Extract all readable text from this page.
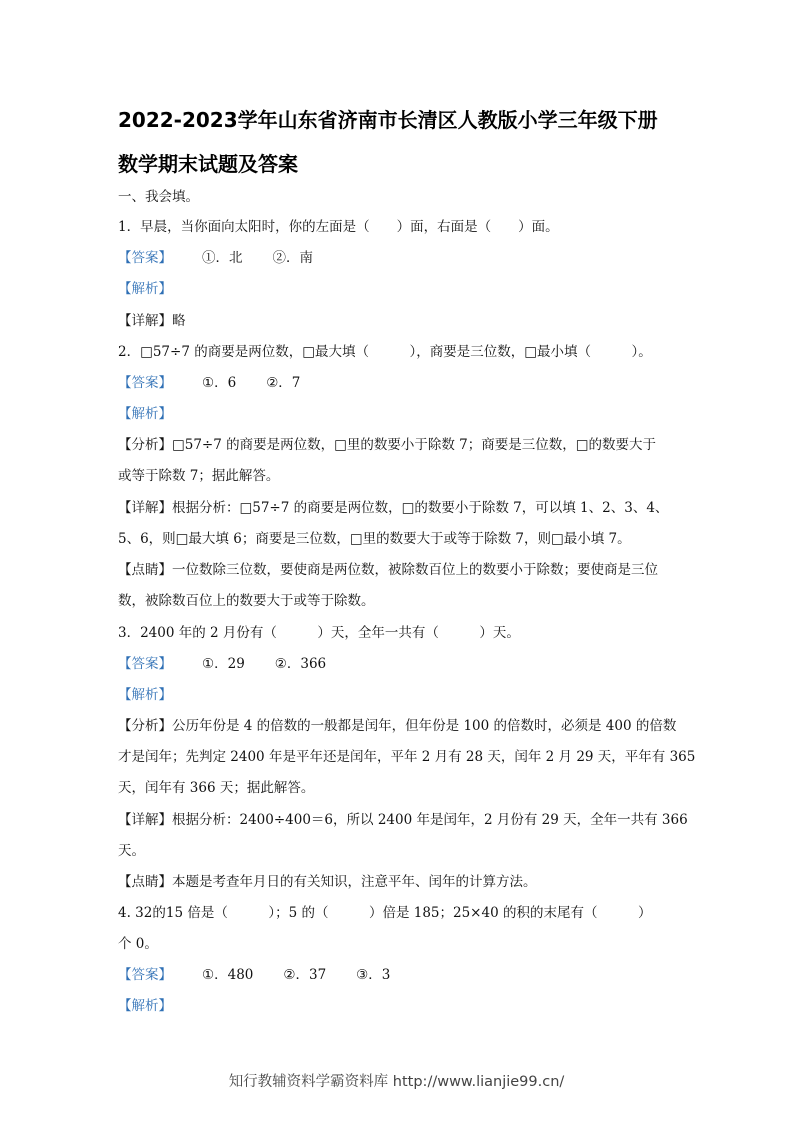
2022-2023学年山东省济南市长清区人教版小学三年级下册
数学期末试题及答案
一、我会填。
1．早晨，当你面向太阳时，你的左面是（　　）面，右面是（　　）面。
【答案】 ①．北 ②．南
【解析】
【详解】略
2．□57÷7 的商要是两位数，□最大填（　　　），商要是三位数，□最小填（　　　）。
【答案】 ①．6 ②．7
【解析】
【分析】□57÷7 的商要是两位数，□里的数要小于除数 7；商要是三位数，□的数要大于
或等于除数 7；据此解答。
【详解】根据分析：□57÷7 的商要是两位数，□的数要小于除数 7，可以填 1、2、3、4、
5、6，则□最大填 6；商要是三位数，□里的数要大于或等于除数 7，则□最小填 7。
【点睛】一位数除三位数，要使商是两位数，被除数百位上的数要小于除数；要使商是三位
数，被除数百位上的数要大于或等于除数。
3．2400 年的 2 月份有（　　　）天，全年一共有（　　　）天。
【答案】 ①．29 ②．366
【解析】
【分析】公历年份是 4 的倍数的一般都是闰年，但年份是 100 的倍数时，必须是 400 的倍数
才是闰年；先判定 2400 年是平年还是闰年，平年 2 月有 28 天，闰年 2 月 29 天，平年有 365
天，闰年有 366 天；据此解答。
【详解】根据分析：2400÷400＝6，所以 2400 年是闰年，2 月份有 29 天，全年一共有 366
天。
【点睛】本题是考查年月日的有关知识，注意平年、闰年的计算方法。
4. 32的15 倍是（　　　）；5 的（　　　）倍是 185；25×40 的积的末尾有（　　　）
个 0。
【答案】 ①．480 ②．37 ③．3
【解析】
知行教辅资料学霸资料库 http://www.lianjie99.cn/
